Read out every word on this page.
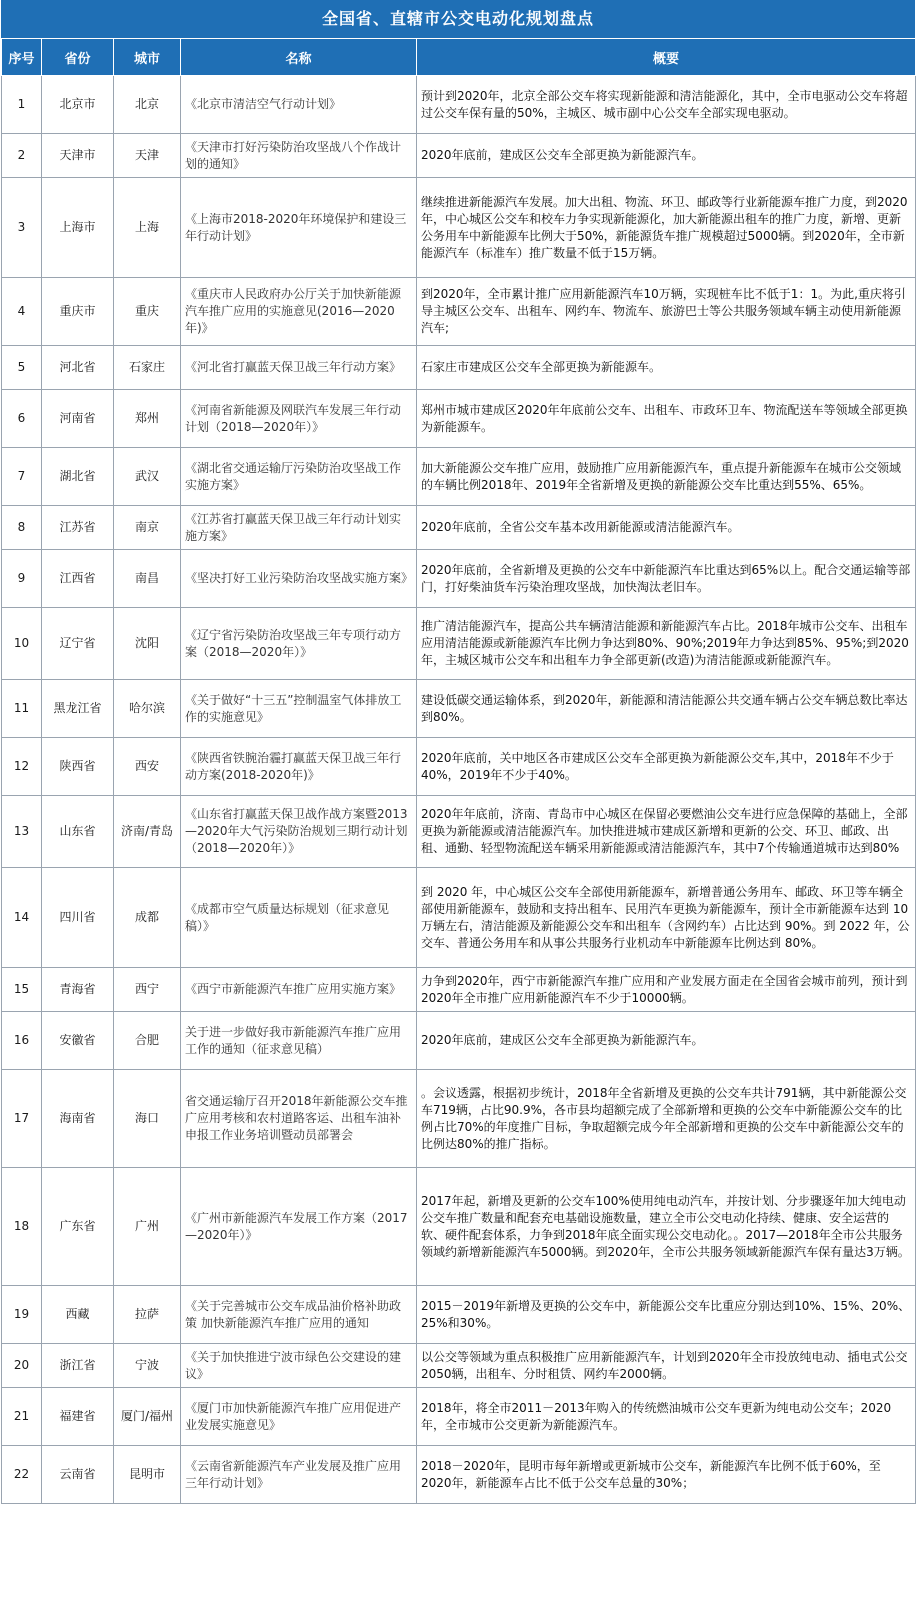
全国省、直辖市公交电动化规划盘点
序号	省份	城市	名称	概要
1	北京市	北京	《北京市清洁空气行动计划》	预计到2020年，北京全部公交车将实现新能源和清洁能源化，其中，全市电驱动公交车将超过公交车保有量的50%，主城区、城市副中心公交车全部实现电驱动。
2	天津市	天津	《天津市打好污染防治攻坚战八个作战计划的通知》	2020年底前，建成区公交车全部更换为新能源汽车。
3	上海市	上海	《上海市2018-2020年环境保护和建设三年行动计划》	继续推进新能源汽车发展。加大出租、物流、环卫、邮政等行业新能源车推广力度，到2020年，中心城区公交车和校车力争实现新能源化，加大新能源出租车的推广力度，新增、更新公务用车中新能源车比例大于50%，新能源货车推广规模超过5000辆。到2020年，全市新能源汽车（标准车）推广数量不低于15万辆。
4	重庆市	重庆	《重庆市人民政府办公厅关于加快新能源汽车推广应用的实施意见(2016—2020年)》	到2020年，全市累计推广应用新能源汽车10万辆，实现桩车比不低于1：1。为此,重庆将引导主城区公交车、出租车、网约车、物流车、旅游巴士等公共服务领域车辆主动使用新能源汽车;
5	河北省	石家庄	《河北省打赢蓝天保卫战三年行动方案》	石家庄市建成区公交车全部更换为新能源车。
6	河南省	郑州	《河南省新能源及网联汽车发展三年行动计划（2018—2020年）》	郑州市城市建成区2020年年底前公交车、出租车、市政环卫车、物流配送车等领域全部更换为新能源车。
7	湖北省	武汉	《湖北省交通运输厅污染防治攻坚战工作实施方案》	加大新能源公交车推广应用，鼓励推广应用新能源汽车，重点提升新能源车在城市公交领域的车辆比例2018年、2019年全省新增及更换的新能源公交车比重达到55%、65%。
8	江苏省	南京	《江苏省打赢蓝天保卫战三年行动计划实施方案》	2020年底前，全省公交车基本改用新能源或清洁能源汽车。
9	江西省	南昌	《坚决打好工业污染防治攻坚战实施方案》	2020年底前，全省新增及更换的公交车中新能源汽车比重达到65%以上。配合交通运输等部门，打好柴油货车污染治理攻坚战，加快淘汰老旧车。
10	辽宁省	沈阳	《辽宁省污染防治攻坚战三年专项行动方案（2018—2020年）》	推广清洁能源汽车，提高公共车辆清洁能源和新能源汽车占比。2018年城市公交车、出租车应用清洁能源或新能源汽车比例力争达到80%、90%;2019年力争达到85%、95%;到2020年，主城区城市公交车和出租车力争全部更新(改造)为清洁能源或新能源汽车。
11	黑龙江省	哈尔滨	《关于做好“十三五”控制温室气体排放工作的实施意见》	建设低碳交通运输体系，到2020年，新能源和清洁能源公共交通车辆占公交车辆总数比率达到80%。
12	陕西省	西安	《陕西省铁腕治霾打赢蓝天保卫战三年行动方案(2018-2020年)》	2020年底前，关中地区各市建成区公交车全部更换为新能源公交车,其中，2018年不少于40%，2019年不少于40%。
13	山东省	济南/青岛	《山东省打赢蓝天保卫战作战方案暨2013—2020年大气污染防治规划三期行动计划（2018—2020年）》	2020年年底前，济南、青岛市中心城区在保留必要燃油公交车进行应急保障的基础上，全部更换为新能源或清洁能源汽车。加快推进城市建成区新增和更新的公交、环卫、邮政、出租、通勤、轻型物流配送车辆采用新能源或清洁能源汽车，其中7个传输通道城市达到80%
14	四川省	成都	《成都市空气质量达标规划（征求意见稿）》	到 2020 年，中心城区公交车全部使用新能源车，新增普通公务用车、邮政、环卫等车辆全部使用新能源车，鼓励和支持出租车、民用汽车更换为新能源车，预计全市新能源车达到 10 万辆左右，清洁能源及新能源公交车和出租车（含网约车）占比达到 90%。到 2022 年，公交车、普通公务用车和从事公共服务行业机动车中新能源车比例达到 80%。
15	青海省	西宁	《西宁市新能源汽车推广应用实施方案》	力争到2020年，西宁市新能源汽车推广应用和产业发展方面走在全国省会城市前列，预计到2020年全市推广应用新能源汽车不少于10000辆。
16	安徽省	合肥	关于进一步做好我市新能源汽车推广应用工作的通知（征求意见稿）	2020年底前，建成区公交车全部更换为新能源汽车。
17	海南省	海口	省交通运输厅召开2018年新能源公交车推广应用考核和农村道路客运、出租车油补申报工作业务培训暨动员部署会	。会议透露，根据初步统计，2018年全省新增及更换的公交车共计791辆，其中新能源公交车719辆，占比90.9%，各市县均超额完成了全部新增和更换的公交车中新能源公交车的比例占比70%的年度推广目标，争取超额完成今年全部新增和更换的公交车中新能源公交车的比例达80%的推广指标。
18	广东省	广州	《广州市新能源汽车发展工作方案（2017—2020年）》	2017年起，新增及更新的公交车100%使用纯电动汽车，并按计划、分步骤逐年加大纯电动公交车推广数量和配套充电基础设施数量，建立全市公交电动化持续、健康、安全运营的软、硬件配套体系，力争到2018年底全面实现公交电动化。。2017—2018年全市公共服务领域约新增新能源汽车5000辆。到2020年，全市公共服务领域新能源汽车保有量达3万辆。
19	西藏	拉萨	《关于完善城市公交车成品油价格补助政策 加快新能源汽车推广应用的通知	2015－2019年新增及更换的公交车中，新能源公交车比重应分别达到10%、15%、20%、25%和30%。
20	浙江省	宁波	《关于加快推进宁波市绿色公交建设的建议》	以公交等领域为重点积极推广应用新能源汽车，计划到2020年全市投放纯电动、插电式公交2050辆，出租车、分时租赁、网约车2000辆。
21	福建省	厦门/福州	《厦门市加快新能源汽车推广应用促进产业发展实施意见》	2018年，将全市2011－2013年购入的传统燃油城市公交车更新为纯电动公交车；2020年，全市城市公交更新为新能源汽车。
22	云南省	昆明市	《云南省新能源汽车产业发展及推广应用三年行动计划》	2018－2020年，昆明市每年新增或更新城市公交车，新能源汽车比例不低于60%，至2020年，新能源车占比不低于公交车总量的30%；
